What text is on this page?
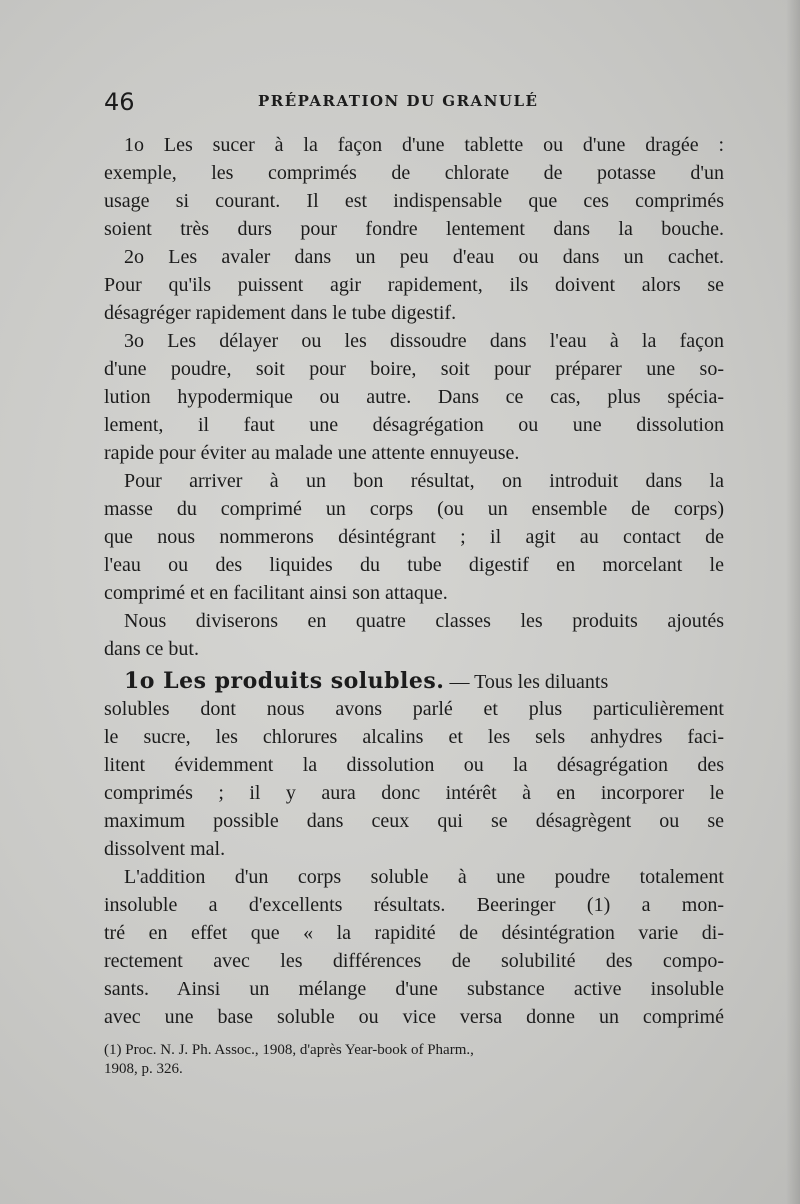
46	PRÉPARATION DU GRANULÉ
1o Les sucer à la façon d'une tablette ou d'une dragée :
exemple, les comprimés de chlorate de potasse d'un
usage si courant. Il est indispensable que ces comprimés
soient très durs pour fondre lentement dans la bouche.
2o Les avaler dans un peu d'eau ou dans un cachet.
Pour qu'ils puissent agir rapidement, ils doivent alors se
désagréger rapidement dans le tube digestif.
3o Les délayer ou les dissoudre dans l'eau à la façon
d'une poudre, soit pour boire, soit pour préparer une so-
lution hypodermique ou autre. Dans ce cas, plus spécia-
lement, il faut une désagrégation ou une dissolution
rapide pour éviter au malade une attente ennuyeuse.
Pour arriver à un bon résultat, on introduit dans la
masse du comprimé un corps (ou un ensemble de corps)
que nous nommerons désintégrant ; il agit au contact de
l'eau ou des liquides du tube digestif en morcelant le
comprimé et en facilitant ainsi son attaque.
Nous diviserons en quatre classes les produits ajoutés
dans ce but.
1o Les produits solubles. — Tous les diluants
solubles dont nous avons parlé et plus particulièrement
le sucre, les chlorures alcalins et les sels anhydres faci-
litent évidemment la dissolution ou la désagrégation des
comprimés ; il y aura donc intérêt à en incorporer le
maximum possible dans ceux qui se désagrègent ou se
dissolvent mal.
L'addition d'un corps soluble à une poudre totalement
insoluble a d'excellents résultats. Beeringer (1) a mon-
tré en effet que « la rapidité de désintégration varie di-
rectement avec les différences de solubilité des compo-
sants. Ainsi un mélange d'une substance active insoluble
avec une base soluble ou vice versa donne un comprimé
(1) Proc. N. J. Ph. Assoc., 1908, d'après Year-book of Pharm.,
1908, p. 326.
